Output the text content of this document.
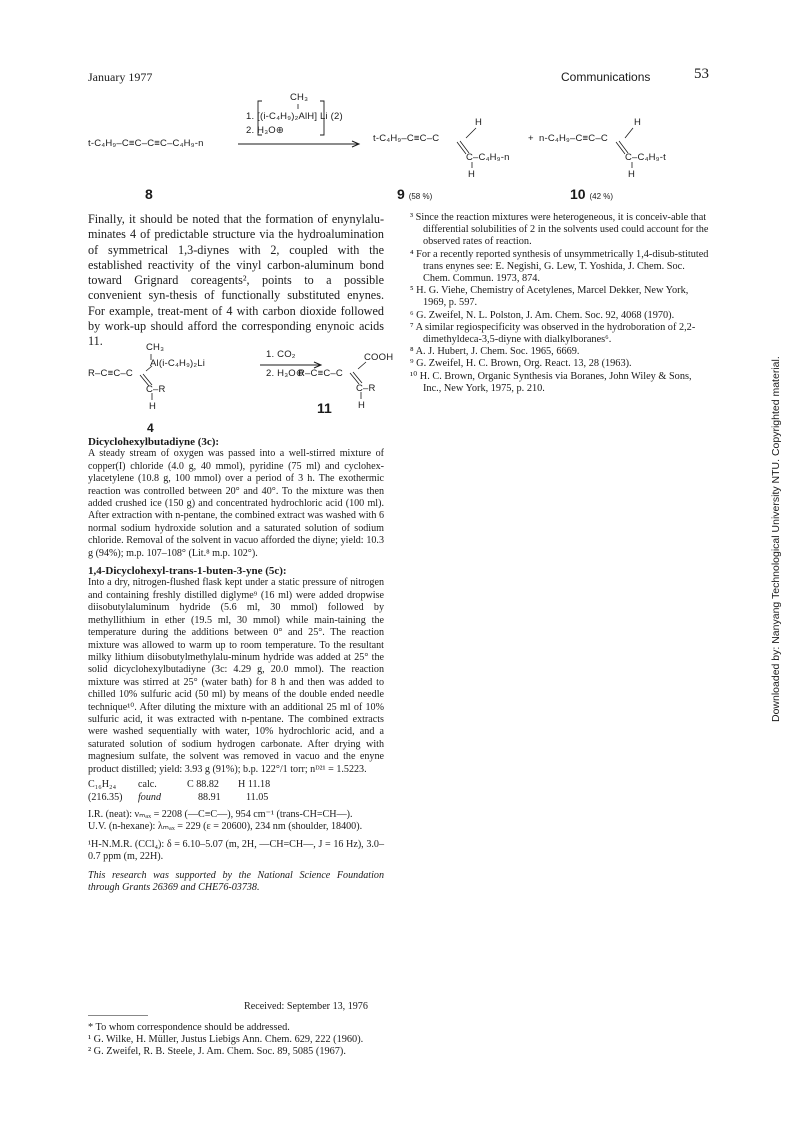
January 1977	Communications	53
Downloaded by: Nanyang Technological University NTU. Copyrighted material.
t-C₄H₉–C≡C–C≡C–C₄H₉-n
CH₃
1. [(i-C₄H₉)₂AlH] Li (2)
2. H₃O⊕
t-C₄H₉–C≡C–C
H
C–C₄H₉-n
H
+ n-C₄H₉–C≡C–C
H
C–C₄H₉-t
H
8	9 (58 %)	10 (42 %)

Finally, it should be noted that the formation of enynylalu-minates 4 of predictable structure via the hydroalumination of symmetrical 1,3-diynes with 2, coupled with the established reactivity of the vinyl carbon-aluminum bond toward Grignard coreagents², points to a possible convenient syn-thesis of functionally substituted enynes. For example, treat-ment of 4 with carbon dioxide followed by work-up should afford the corresponding enynoic acids 11.	CH₃
Al(i-C₄H₉)₂Li
R–C≡C–C
C–R
H
1. CO₂
2. H₃O⊕
R–C≡C–C
COOH
C–R
H
11
4
Dicyclohexylbutadiyne (3c):
A steady stream of oxygen was passed into a well-stirred mixture of copper(I) chloride (4.0 g, 40 mmol), pyridine (75 ml) and cyclohex-ylacetylene (10.8 g, 100 mmol) over a period of 3 h. The exothermic reaction was controlled between 20° and 40°. To the mixture was then added crushed ice (150 g) and concentrated hydrochloric acid (100 ml). After extraction with n-pentane, the combined extract was washed with 6 normal sodium hydroxide solution and a saturated solution of sodium chloride. Removal of the solvent in vacuo afforded the diyne; yield: 10.3 g (94%); m.p. 107–108° (Lit.⁸ m.p. 102°).
1,4-Dicyclohexyl-trans-1-buten-3-yne (5c):
Into a dry, nitrogen-flushed flask kept under a static pressure of nitrogen and containing freshly distilled diglyme⁹ (16 ml) were added dropwise diisobutylaluminum hydride (5.6 ml, 30 mmol) followed by methyllithium in ether (19.5 ml, 30 mmol) while main-taining the temperature during the additions between 0° and 25°. The reaction mixture was allowed to warm up to room temperature. To the resultant milky lithium diisobutylmethylalu-minum hydride was added at 25° the solid dicyclohexylbutadiyne (3c: 4.29 g, 20.0 mmol). The reaction mixture was stirred at 25° (water bath) for 8 h and then was added to chilled 10% sulfuric acid (50 ml) by means of the double ended needle technique¹⁰. After diluting the mixture with an additional 25 ml of 10% sulfuric acid, it was extracted with n-pentane. The combined extracts were washed sequentially with water, 10% hydrochloric acid, and a saturated solution of sodium hydrogen carbonate. After drying with magnesium sulfate, the solvent was removed in vacuo and the enyne product distilled; yield: 3.93 g (91%); b.p. 122°/1 torr; nᴰ²¹ = 1.5223.
C₁₆H₂₄ calc.	C 88.82 H 11.18
(216.35) found	88.91	11.05
I.R. (neat): νₘₐₓ = 2208 (—C≡C—), 954 cm⁻¹ (trans-CH=CH—).
U.V. (n-hexane): λₘₐₓ = 229 (ε = 20600), 234 nm (shoulder, 18400).
¹H-N.M.R. (CCl₄): δ = 6.10–5.07 (m, 2H, —CH=CH—, J = 16 Hz), 3.0–0.7 ppm (m, 22H).
This research was supported by the National Science Foundation through Grants 26369 and CHE76-03738.
Received: September 13, 1976
* To whom correspondence should be addressed.
¹ G. Wilke, H. Müller, Justus Liebigs Ann. Chem. 629, 222 (1960).
² G. Zweifel, R. B. Steele, J. Am. Chem. Soc. 89, 5085 (1967).
³ Since the reaction mixtures were heterogeneous, it is conceiv-able that differential solubilities of 2 in the solvents used could account for the observed rates of reaction.
⁴ For a recently reported synthesis of unsymmetrically 1,4-disub-stituted trans enynes see: E. Negishi, G. Lew, T. Yoshida, J. Chem. Soc. Chem. Commun. 1973, 874.
⁵ H. G. Viehe, Chemistry of Acetylenes, Marcel Dekker, New York, 1969, p. 597.
⁶ G. Zweifel, N. L. Polston, J. Am. Chem. Soc. 92, 4068 (1970).
⁷ A similar regiospecificity was observed in the hydroboration of 2,2-dimethyldeca-3,5-diyne with dialkylboranes⁶.
⁸ A. J. Hubert, J. Chem. Soc. 1965, 6669.
⁹ G. Zweifel, H. C. Brown, Org. React. 13, 28 (1963).
¹⁰ H. C. Brown, Organic Synthesis via Boranes, John Wiley & Sons, Inc., New York, 1975, p. 210.
